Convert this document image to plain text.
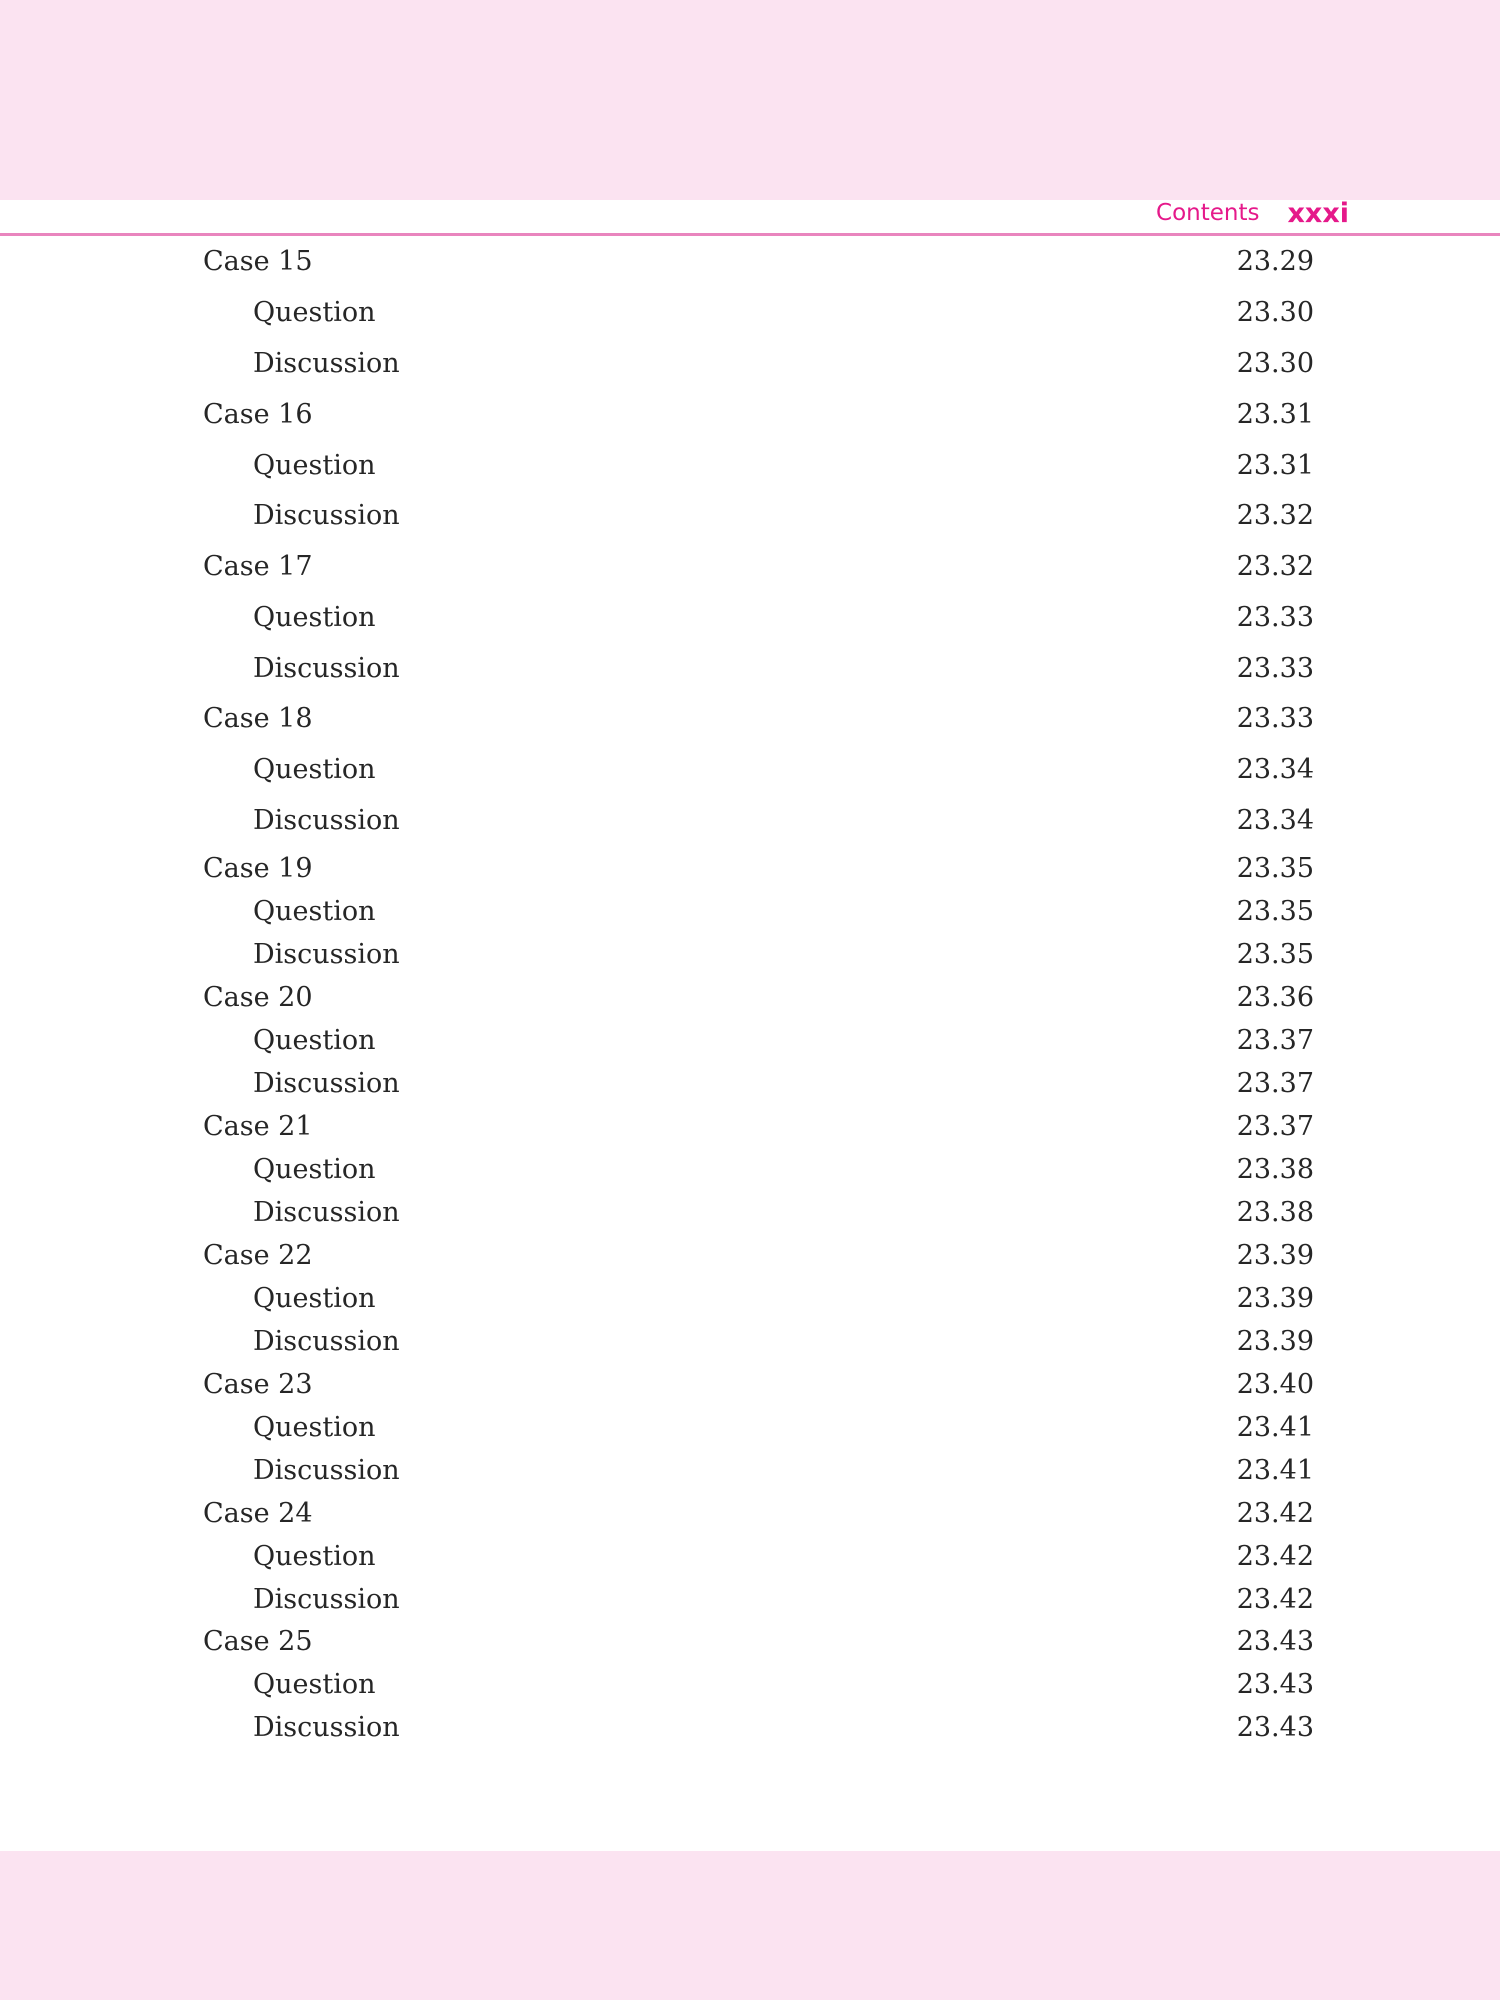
Contents xxxi
Case 15	23.29
Question	23.30
Discussion	23.30
Case 16	23.31
Question	23.31
Discussion	23.32
Case 17	23.32
Question	23.33
Discussion	23.33
Case 18	23.33
Question	23.34
Discussion	23.34
Case 19	23.35
Question	23.35
Discussion	23.35
Case 20	23.36
Question	23.37
Discussion	23.37
Case 21	23.37
Question	23.38
Discussion	23.38
Case 22	23.39
Question	23.39
Discussion	23.39
Case 23	23.40
Question	23.41
Discussion	23.41
Case 24	23.42
Question	23.42
Discussion	23.42
Case 25	23.43
Question	23.43
Discussion	23.43
